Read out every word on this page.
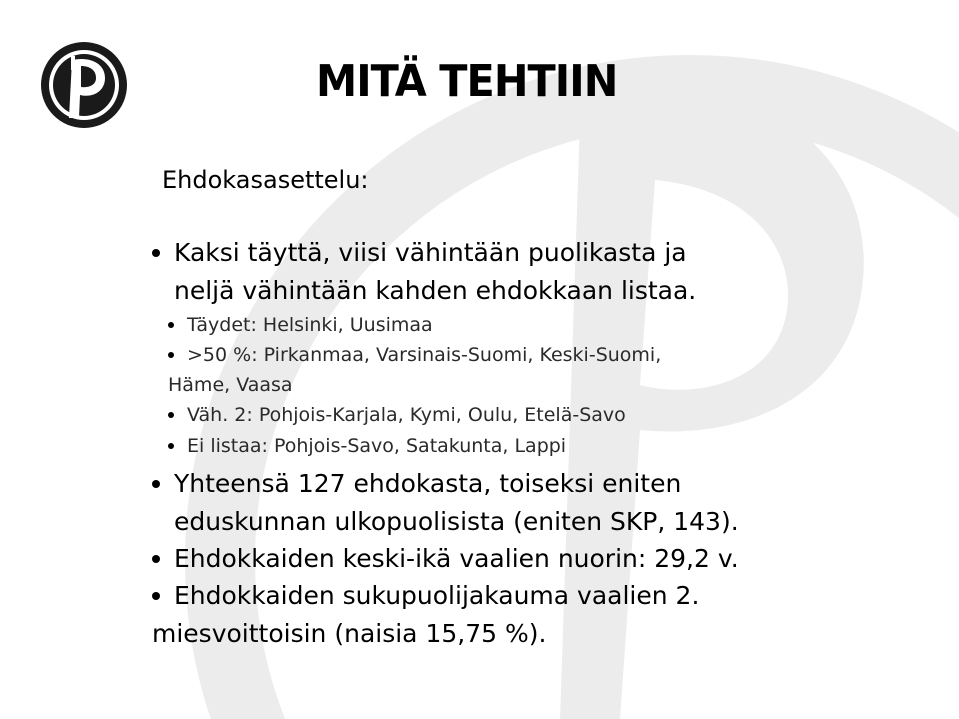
MITÄ TEHTIIN
Ehdokasasettelu:
Kaksi täyttä, viisi vähintään puolikasta ja
neljä vähintään kahden ehdokkaan listaa.
Täydet: Helsinki, Uusimaa
>50 %: Pirkanmaa, Varsinais-Suomi, Keski-Suomi,
Häme, Vaasa
Väh. 2: Pohjois-Karjala, Kymi, Oulu, Etelä-Savo
Ei listaa: Pohjois-Savo, Satakunta, Lappi
Yhteensä 127 ehdokasta, toiseksi eniten
eduskunnan ulkopuolisista (eniten SKP, 143).
Ehdokkaiden keski-ikä vaalien nuorin: 29,2 v.
Ehdokkaiden sukupuolijakauma vaalien 2.
miesvoittoisin (naisia 15,75 %).
